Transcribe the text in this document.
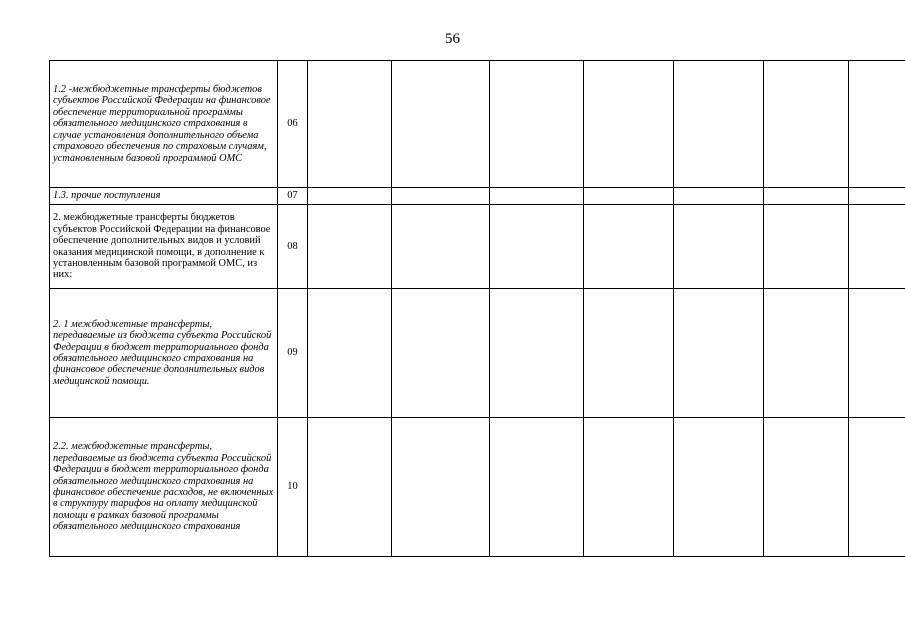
56
1.2 -межбюджетные трансферты бюджетов субъектов Российской Федерации на финансовое обеспечение территориальной программы обязательного медицинского страхования в случае установления дополнительного объема страхового обеспечения по страховым случаям, установленным базовой программой ОМС	06							
1.3. прочие поступления	07							
2. межбюджетные трансферты бюджетов субъектов Российской Федерации на финансовое обеспечение дополнительных видов и условий оказания медицинской помощи, в дополнение к установленным базовой программой ОМС, из них:	08							
2. 1 межбюджетные трансферты, передаваемые из бюджета субъекта Российской Федерации в бюджет территориального фонда обязательного медицинского страхования на финансовое обеспечение дополнительных видов медицинской помощи.	09							
2.2. межбюджетные трансферты, передаваемые из бюджета субъекта Российской Федерации в бюджет территориального фонда обязательного медицинского страхования на финансовое обеспечение расходов, не включенных в структуру тарифов на оплату медицинской помощи в рамках базовой программы обязательного медицинского страхования	10							
